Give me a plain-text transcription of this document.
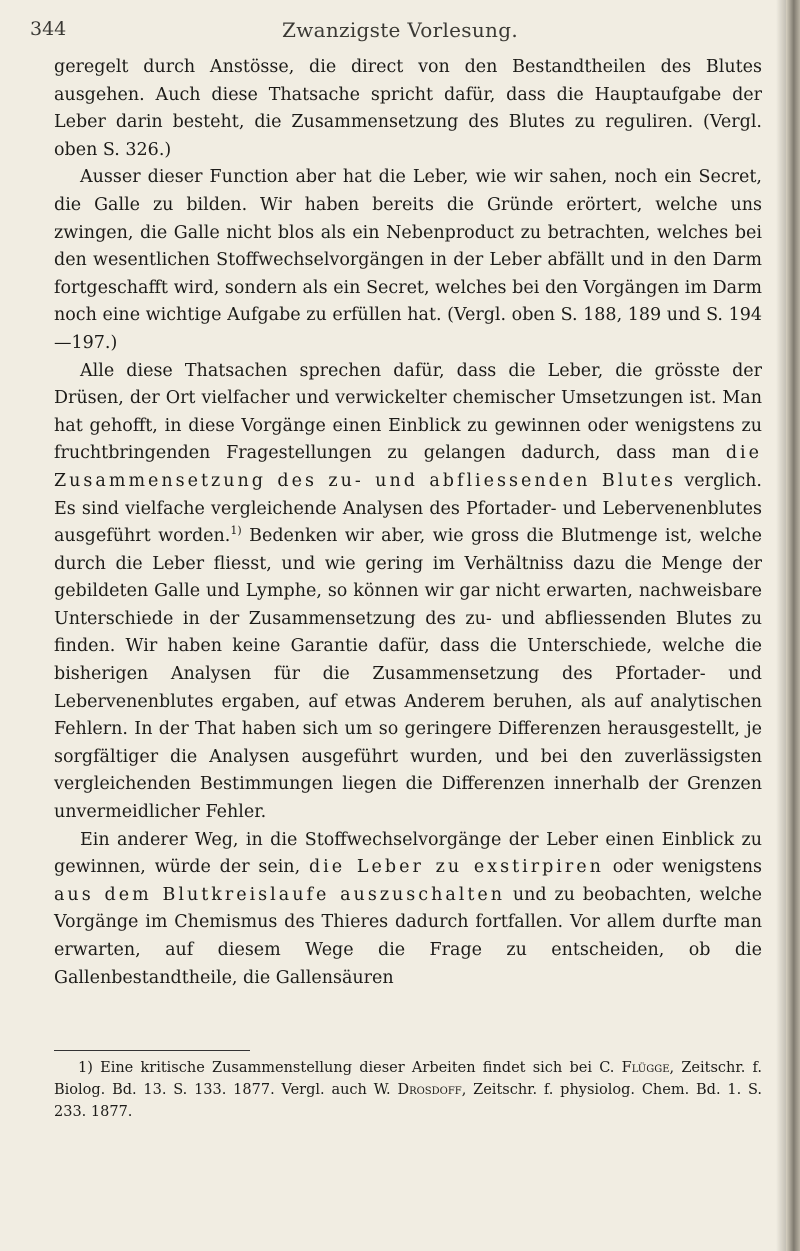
344	Zwanzigste Vorlesung.

geregelt durch Anstösse, die direct von den Bestandtheilen des Blutes ausgehen. Auch diese Thatsache spricht dafür, dass die Hauptaufgabe der Leber darin besteht, die Zusammensetzung des Blutes zu reguliren. (Vergl. oben S. 326.)

Ausser dieser Function aber hat die Leber, wie wir sahen, noch ein Secret, die Galle zu bilden. Wir haben bereits die Gründe erörtert, welche uns zwingen, die Galle nicht blos als ein Nebenproduct zu betrachten, welches bei den wesentlichen Stoffwechselvorgängen in der Leber abfällt und in den Darm fortgeschafft wird, sondern als ein Secret, welches bei den Vorgängen im Darm noch eine wichtige Aufgabe zu erfüllen hat. (Vergl. oben S. 188, 189 und S. 194—197.)

Alle diese Thatsachen sprechen dafür, dass die Leber, die grösste der Drüsen, der Ort vielfacher und verwickelter chemischer Umsetzungen ist. Man hat gehofft, in diese Vorgänge einen Einblick zu gewinnen oder wenigstens zu fruchtbringenden Fragestellungen zu gelangen dadurch, dass man die Zusammensetzung des zu- und abfliessenden Blutes verglich. Es sind vielfache vergleichende Analysen des Pfortader- und Lebervenenblutes ausgeführt worden.$^{1)}$ Bedenken wir aber, wie gross die Blutmenge ist, welche durch die Leber fliesst, und wie gering im Verhältniss dazu die Menge der gebildeten Galle und Lymphe, so können wir gar nicht erwarten, nachweisbare Unterschiede in der Zusammensetzung des zu- und abfliessenden Blutes zu finden. Wir haben keine Garantie dafür, dass die Unterschiede, welche die bisherigen Analysen für die Zusammensetzung des Pfortader- und Lebervenenblutes ergaben, auf etwas Anderem beruhen, als auf analytischen Fehlern. In der That haben sich um so geringere Differenzen herausgestellt, je sorgfältiger die Analysen ausgeführt wurden, und bei den zuverlässigsten vergleichenden Bestimmungen liegen die Differenzen innerhalb der Grenzen unvermeidlicher Fehler.

Ein anderer Weg, in die Stoffwechselvorgänge der Leber einen Einblick zu gewinnen, würde der sein, die Leber zu exstirpiren oder wenigstens aus dem Blutkreislaufe auszuschalten und zu beobachten, welche Vorgänge im Chemismus des Thieres dadurch fortfallen. Vor allem durfte man erwarten, auf diesem Wege die Frage zu entscheiden, ob die Gallenbestandtheile, die Gallensäuren

1) Eine kritische Zusammenstellung dieser Arbeiten findet sich bei C. Flügge, Zeitschr. f. Biolog. Bd. 13. S. 133. 1877. Vergl. auch W. Drosdoff, Zeitschr. f. physiolog. Chem. Bd. 1. S. 233. 1877.
